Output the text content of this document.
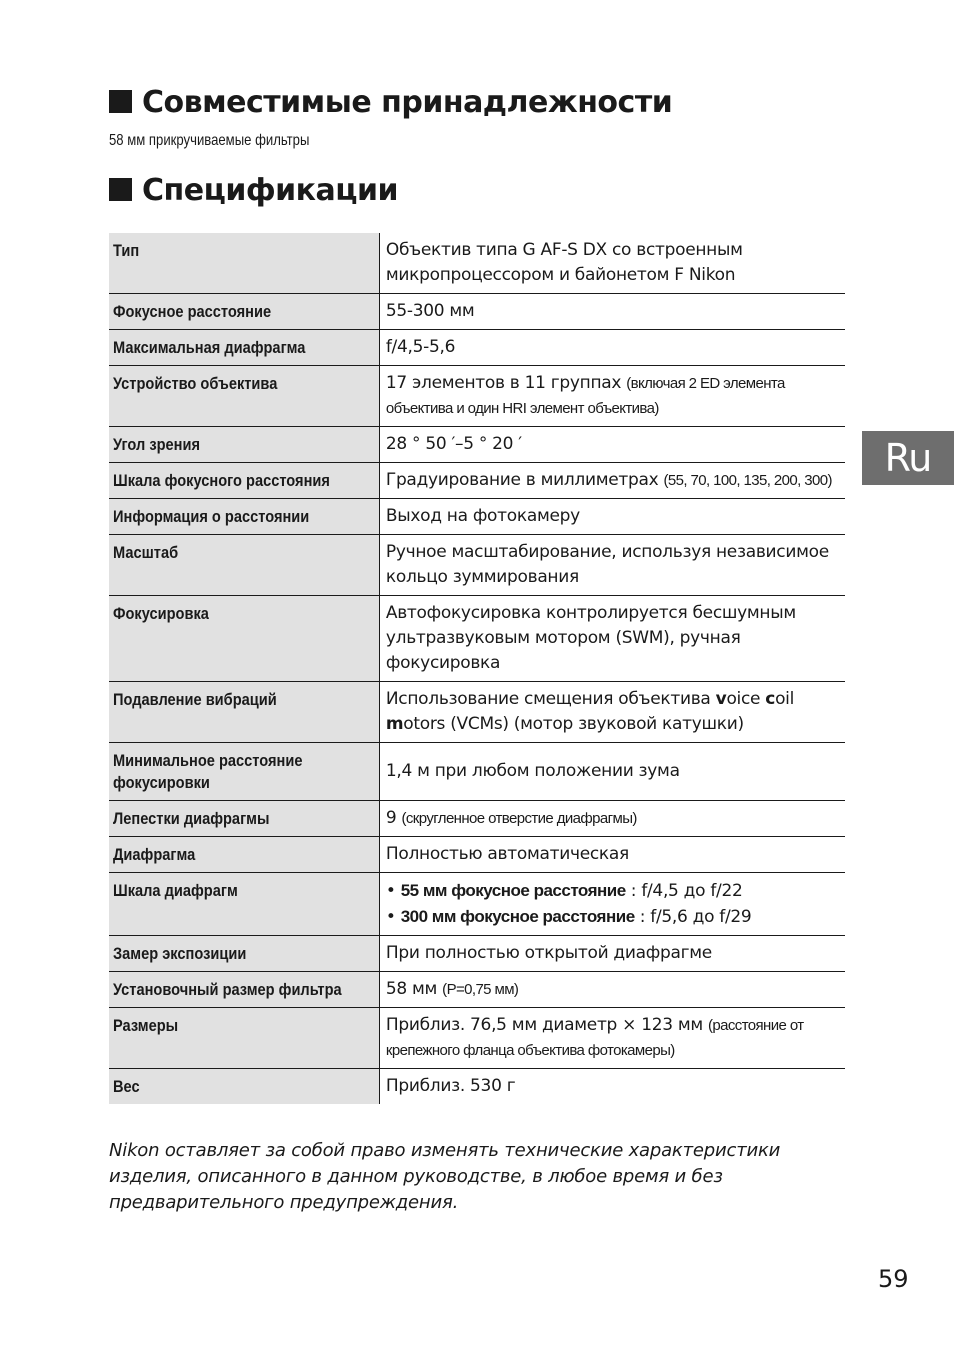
Совместимые принадлежности
58 мм прикручиваемые фильтры
Спецификации
Тип	Объектив типа G AF-S DX со встроенным микропроцессором и байонетом F Nikon

Фокусное расстояние	55-300 мм

Максимальная диафрагма	f/4,5-5,6

Устройство объектива	17 элементов в 11 группах (включая 2 ED элемента объектива и один HRI элемент объектива)

Угол зрения	28 ° 50 ′–5 ° 20 ′

Шкала фокусного расстояния	Градуирование в миллиметрах (55, 70, 100, 135, 200, 300)

Информация о расстоянии	Выход на фотокамеру

Масштаб	Ручное масштабирование, используя независимое кольцо зуммирования

Фокусировка	Автофокусировка контролируется бесшумным ультразвуковым мотором (SWM), ручная фокусировка

Подавление вибраций	Использование смещения объектива voice coil motors (VCMs) (мотор звуковой катушки)

Минимальное расстояние фокусировки	1,4 м при любом положении зума

Лепестки диафрагмы	9 (скругленное отверстие диафрагмы)

Диафрагма	Полностью автоматическая

Шкала диафрагм	• 55 мм фокусное расстояние : f/4,5 до f/22
• 300 мм фокусное расстояние : f/5,6 до f/29

Замер экспозиции	При полностью открытой диафрагме

Установочный размер фильтра	58 мм (P=0,75 мм)

Размеры	Приблиз. 76,5 мм диаметр × 123 мм (расстояние от крепежного фланца объектива фотокамеры)

Вес	Приблиз. 530 г
Nikon оставляет за собой право изменять технические характеристики изделия, описанного в данном руководстве, в любое время и без предварительного предупреждения.
Ru
59
